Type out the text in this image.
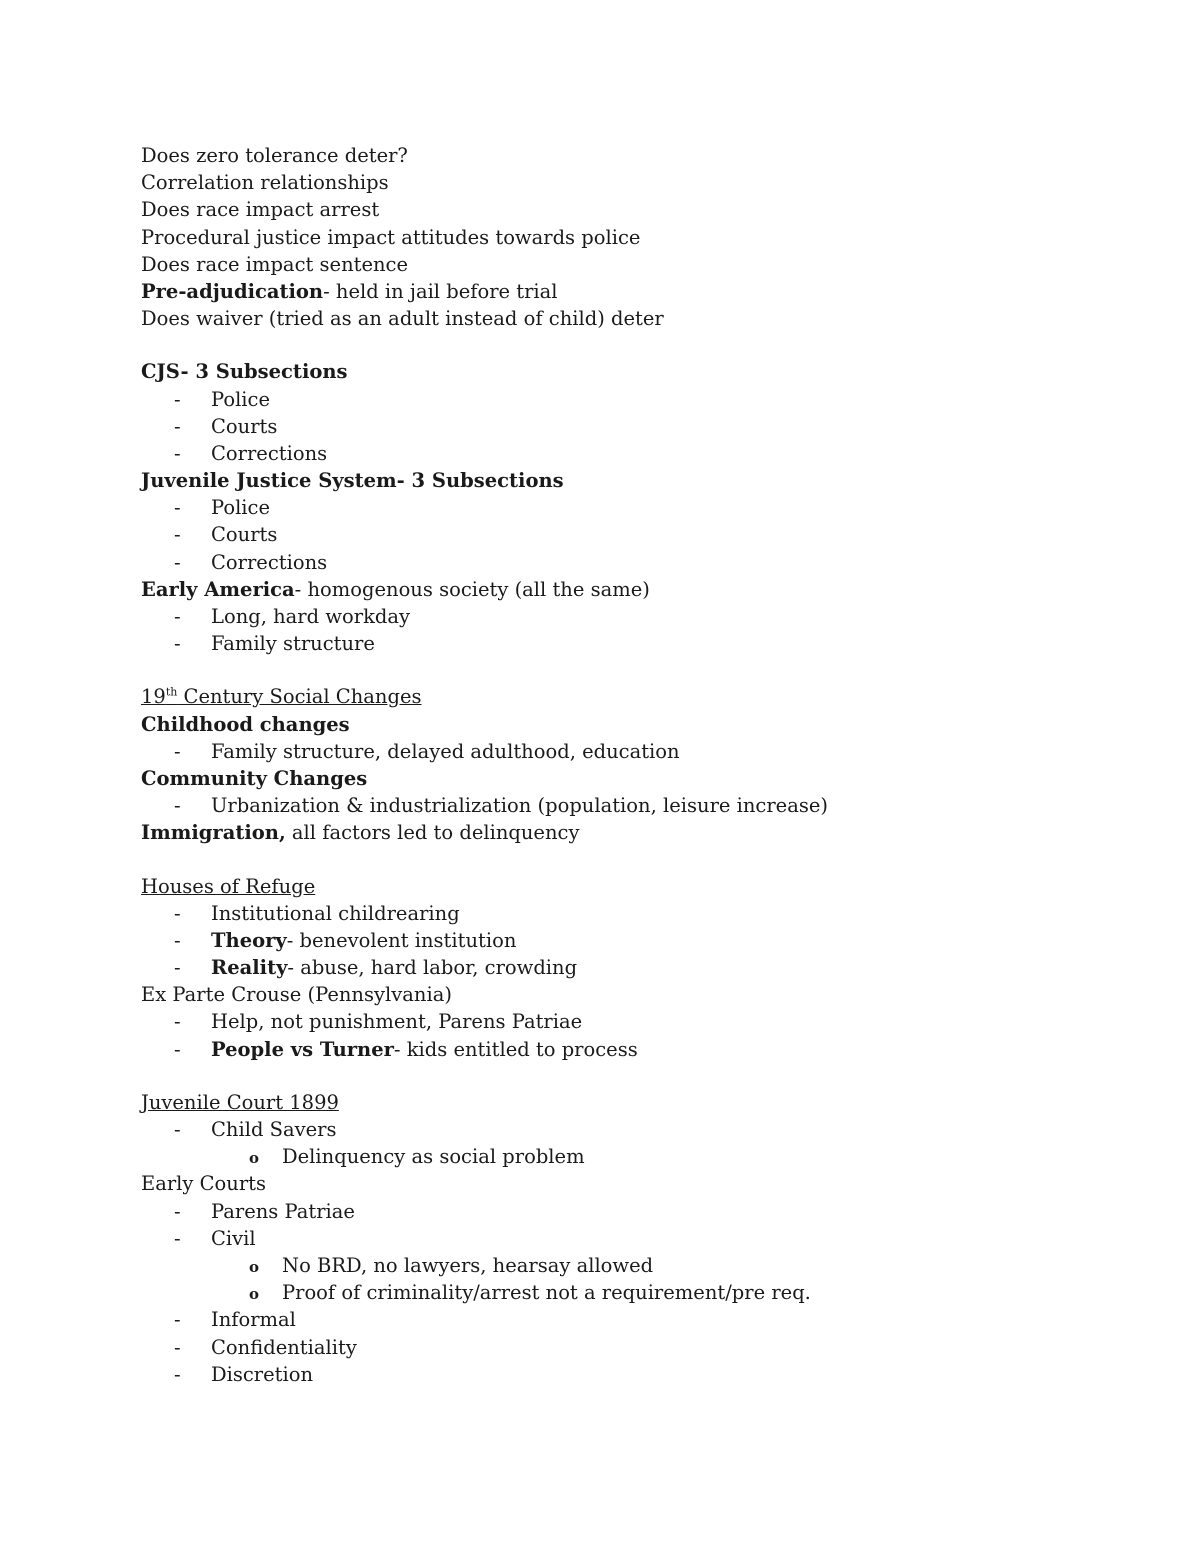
Does zero tolerance deter?
Correlation relationships
Does race impact arrest
Procedural justice impact attitudes towards police
Does race impact sentence
Pre-adjudication- held in jail before trial
Does waiver (tried as an adult instead of child) deter
CJS- 3 Subsections
-	Police
-	Courts
-	Corrections
Juvenile Justice System- 3 Subsections
-	Police
-	Courts
-	Corrections
Early America- homogenous society (all the same)
-	Long, hard workday
-	Family structure
19th Century Social Changes
Childhood changes
-	Family structure, delayed adulthood, education
Community Changes
-	Urbanization & industrialization (population, leisure increase)
Immigration, all factors led to delinquency
Houses of Refuge
-	Institutional childrearing
-	Theory- benevolent institution
-	Reality- abuse, hard labor, crowding
Ex Parte Crouse (Pennsylvania)
-	Help, not punishment, Parens Patriae
-	People vs Turner- kids entitled to process
Juvenile Court 1899
-	Child Savers
o	Delinquency as social problem
Early Courts
-	Parens Patriae
-	Civil
o	No BRD, no lawyers, hearsay allowed
o	Proof of criminality/arrest not a requirement/pre req.
-	Informal
-	Confidentiality
-	Discretion
